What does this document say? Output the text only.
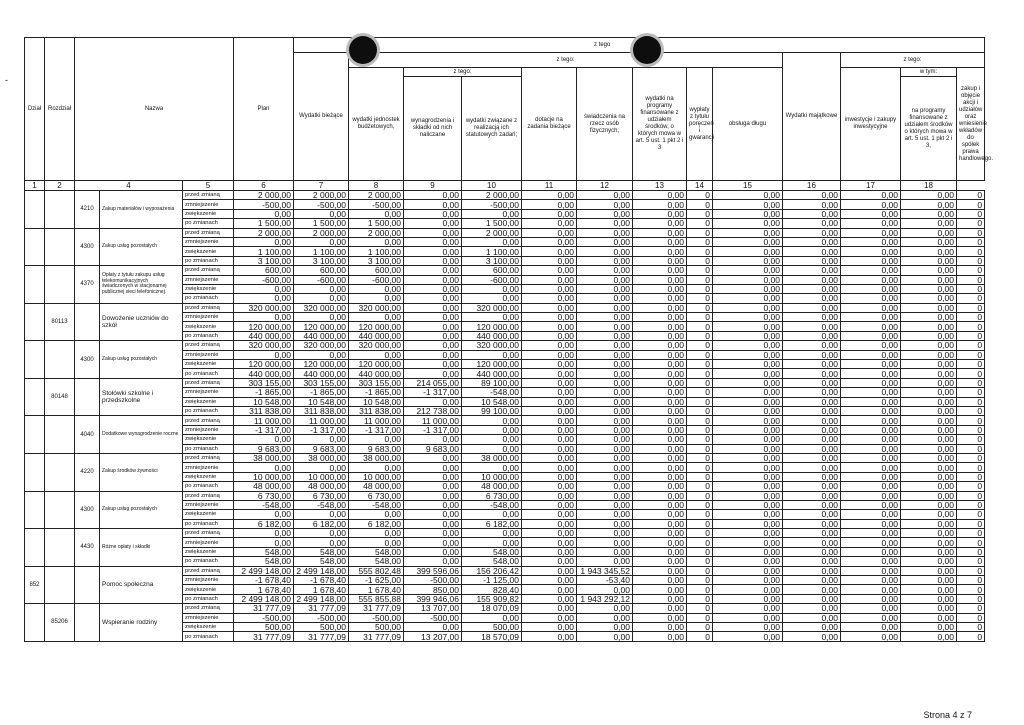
-
Dział	Rozdział	Nazwa			Plan	z tego												
						Wydatki bieżące	z tego:								Wydatki majątkowe	z tego:		
							wydatki jednostek budżetowych,	z tego:		dotacje na zadania bieżące	świadczenia na rzecz osób fizycznych;	wydatki na programy finansowane z udziałem środków, o których mowa w art. 5 ust. 1 pkt 2 i 3	wypłaty z tytułu poręczeń i gwarancji	obsługa długu		inwestycje i zakupy inwestycyjne	w tym:	zakup i objęcie akcji i udziałów oraz wniesienie wkładów do spółek prawa handlowego.
								wynagrodzenia i składki od nich naliczane	wydatki związane z realizacją ich statutowych zadań;								na programy finansowane z udziałem środków o których mowa w art. 5 ust. 1 pkt 2 i 3,	
1	2	4		5	6	7	8	9	10	11	12	13	14	15	16	17	18	
		4210	Zakup materiałów i wyposażenia	przed zmianą	2 000,00	2 000,00	2 000,00	0,00	2 000,00	0,00	0,00	0,00	0	0,00	0,00	0,00	0,00	0
				zmniejszenie	-500,00	-500,00	-500,00	0,00	-500,00	0,00	0,00	0,00	0	0,00	0,00	0,00	0,00	0
				zwiększenie	0,00	0,00	0,00	0,00	0,00	0,00	0,00	0,00	0	0,00	0,00	0,00	0,00	0
				po zmianach	1 500,00	1 500,00	1 500,00	0,00	1 500,00	0,00	0,00	0,00	0	0,00	0,00	0,00	0,00	0
		4300	Zakup usług pozostałych	przed zmianą	2 000,00	2 000,00	2 000,00	0,00	2 000,00	0,00	0,00	0,00	0	0,00	0,00	0,00	0,00	0
				zmniejszenie	0,00	0,00	0,00	0,00	0,00	0,00	0,00	0,00	0	0,00	0,00	0,00	0,00	0
				zwiększenie	1 100,00	1 100,00	1 100,00	0,00	1 100,00	0,00	0,00	0,00	0	0,00	0,00	0,00	0,00	0
				po zmianach	3 100,00	3 100,00	3 100,00	0,00	3 100,00	0,00	0,00	0,00	0	0,00	0,00	0,00	0,00	0
		4370	Opłaty z tytułu zakupu usług telekomunikacyjnych świadczonych w stacjonarnej publicznej sieci telefonicznej.	przed zmianą	600,00	600,00	600,00	0,00	600,00	0,00	0,00	0,00	0	0,00	0,00	0,00	0,00	0
				zmniejszenie	-600,00	-600,00	-600,00	0,00	-600,00	0,00	0,00	0,00	0	0,00	0,00	0,00	0,00	0
				zwiększenie	0,00	0,00	0,00	0,00	0,00	0,00	0,00	0,00	0	0,00	0,00	0,00	0,00	0
				po zmianach	0,00	0,00	0,00	0,00	0,00	0,00	0,00	0,00	0	0,00	0,00	0,00	0,00	0
	80113		Dowożenie uczniów do szkół	przed zmianą	320 000,00	320 000,00	320 000,00	0,00	320 000,00	0,00	0,00	0,00	0	0,00	0,00	0,00	0,00	0
				zmniejszenie	0,00	0,00	0,00	0,00	0,00	0,00	0,00	0,00	0	0,00	0,00	0,00	0,00	0
				zwiększenie	120 000,00	120 000,00	120 000,00	0,00	120 000,00	0,00	0,00	0,00	0	0,00	0,00	0,00	0,00	0
				po zmianach	440 000,00	440 000,00	440 000,00	0,00	440 000,00	0,00	0,00	0,00	0	0,00	0,00	0,00	0,00	0
		4300	Zakup usług pozostałych	przed zmianą	320 000,00	320 000,00	320 000,00	0,00	320 000,00	0,00	0,00	0,00	0	0,00	0,00	0,00	0,00	0
				zmniejszenie	0,00	0,00	0,00	0,00	0,00	0,00	0,00	0,00	0	0,00	0,00	0,00	0,00	0
				zwiększenie	120 000,00	120 000,00	120 000,00	0,00	120 000,00	0,00	0,00	0,00	0	0,00	0,00	0,00	0,00	0
				po zmianach	440 000,00	440 000,00	440 000,00	0,00	440 000,00	0,00	0,00	0,00	0	0,00	0,00	0,00	0,00	0
	80148		Stołówki szkolne i przedszkolne	przed zmianą	303 155,00	303 155,00	303 155,00	214 055,00	89 100,00	0,00	0,00	0,00	0	0,00	0,00	0,00	0,00	0
				zmniejszenie	-1 865,00	-1 865,00	-1 865,00	-1 317,00	-548,00	0,00	0,00	0,00	0	0,00	0,00	0,00	0,00	0
				zwiększenie	10 548,00	10 548,00	10 548,00	0,00	10 548,00	0,00	0,00	0,00	0	0,00	0,00	0,00	0,00	0
				po zmianach	311 838,00	311 838,00	311 838,00	212 738,00	99 100,00	0,00	0,00	0,00	0	0,00	0,00	0,00	0,00	0
		4040	Dodatkowe wynagrodzenie roczne	przed zmianą	11 000,00	11 000,00	11 000,00	11 000,00	0,00	0,00	0,00	0,00	0	0,00	0,00	0,00	0,00	0
				zmniejszenie	-1 317,00	-1 317,00	-1 317,00	-1 317,00	0,00	0,00	0,00	0,00	0	0,00	0,00	0,00	0,00	0
				zwiększenie	0,00	0,00	0,00	0,00	0,00	0,00	0,00	0,00	0	0,00	0,00	0,00	0,00	0
				po zmianach	9 683,00	9 683,00	9 683,00	9 683,00	0,00	0,00	0,00	0,00	0	0,00	0,00	0,00	0,00	0
		4220	Zakup środków żywności	przed zmianą	38 000,00	38 000,00	38 000,00	0,00	38 000,00	0,00	0,00	0,00	0	0,00	0,00	0,00	0,00	0
				zmniejszenie	0,00	0,00	0,00	0,00	0,00	0,00	0,00	0,00	0	0,00	0,00	0,00	0,00	0
				zwiększenie	10 000,00	10 000,00	10 000,00	0,00	10 000,00	0,00	0,00	0,00	0	0,00	0,00	0,00	0,00	0
				po zmianach	48 000,00	48 000,00	48 000,00	0,00	48 000,00	0,00	0,00	0,00	0	0,00	0,00	0,00	0,00	0
		4300	Zakup usług pozostałych	przed zmianą	6 730,00	6 730,00	6 730,00	0,00	6 730,00	0,00	0,00	0,00	0	0,00	0,00	0,00	0,00	0
				zmniejszenie	-548,00	-548,00	-548,00	0,00	-548,00	0,00	0,00	0,00	0	0,00	0,00	0,00	0,00	0
				zwiększenie	0,00	0,00	0,00	0,00	0,00	0,00	0,00	0,00	0	0,00	0,00	0,00	0,00	0
				po zmianach	6 182,00	6 182,00	6 182,00	0,00	6 182,00	0,00	0,00	0,00	0	0,00	0,00	0,00	0,00	0
		4430	Różne opłaty i składki	przed zmianą	0,00	0,00	0,00	0,00	0,00	0,00	0,00	0,00	0	0,00	0,00	0,00	0,00	0
				zmniejszenie	0,00	0,00	0,00	0,00	0,00	0,00	0,00	0,00	0	0,00	0,00	0,00	0,00	0
				zwiększenie	548,00	548,00	548,00	0,00	548,00	0,00	0,00	0,00	0	0,00	0,00	0,00	0,00	0
				po zmianach	548,00	548,00	548,00	0,00	548,00	0,00	0,00	0,00	0	0,00	0,00	0,00	0,00	0
852			Pomoc społeczna	przed zmianą	2 499 148,00	2 499 148,00	555 802,48	399 596,06	156 206,42	0,00	1 943 345,52	0,00	0	0,00	0,00	0,00	0,00	0
				zmniejszenie	-1 678,40	-1 678,40	-1 625,00	-500,00	-1 125,00	0,00	-53,40	0,00	0	0,00	0,00	0,00	0,00	0
				zwiększenie	1 678,40	1 678,40	1 678,40	850,00	828,40	0,00	0,00	0,00	0	0,00	0,00	0,00	0,00	0
				po zmianach	2 499 148,00	2 499 148,00	555 855,88	399 946,06	155 909,82	0,00	1 943 292,12	0,00	0	0,00	0,00	0,00	0,00	0
	85206		Wspieranie rodziny	przed zmianą	31 777,09	31 777,09	31 777,09	13 707,00	18 070,09	0,00	0,00	0,00	0	0,00	0,00	0,00	0,00	0
				zmniejszenie	-500,00	-500,00	-500,00	-500,00	0,00	0,00	0,00	0,00	0	0,00	0,00	0,00	0,00	0
				zwiększenie	500,00	500,00	500,00	0,00	500,00	0,00	0,00	0,00	0	0,00	0,00	0,00	0,00	0
				po zmianach	31 777,09	31 777,09	31 777,09	13 207,00	18 570,09	0,00	0,00	0,00	0	0,00	0,00	0,00	0,00	0
Strona 4 z 7
